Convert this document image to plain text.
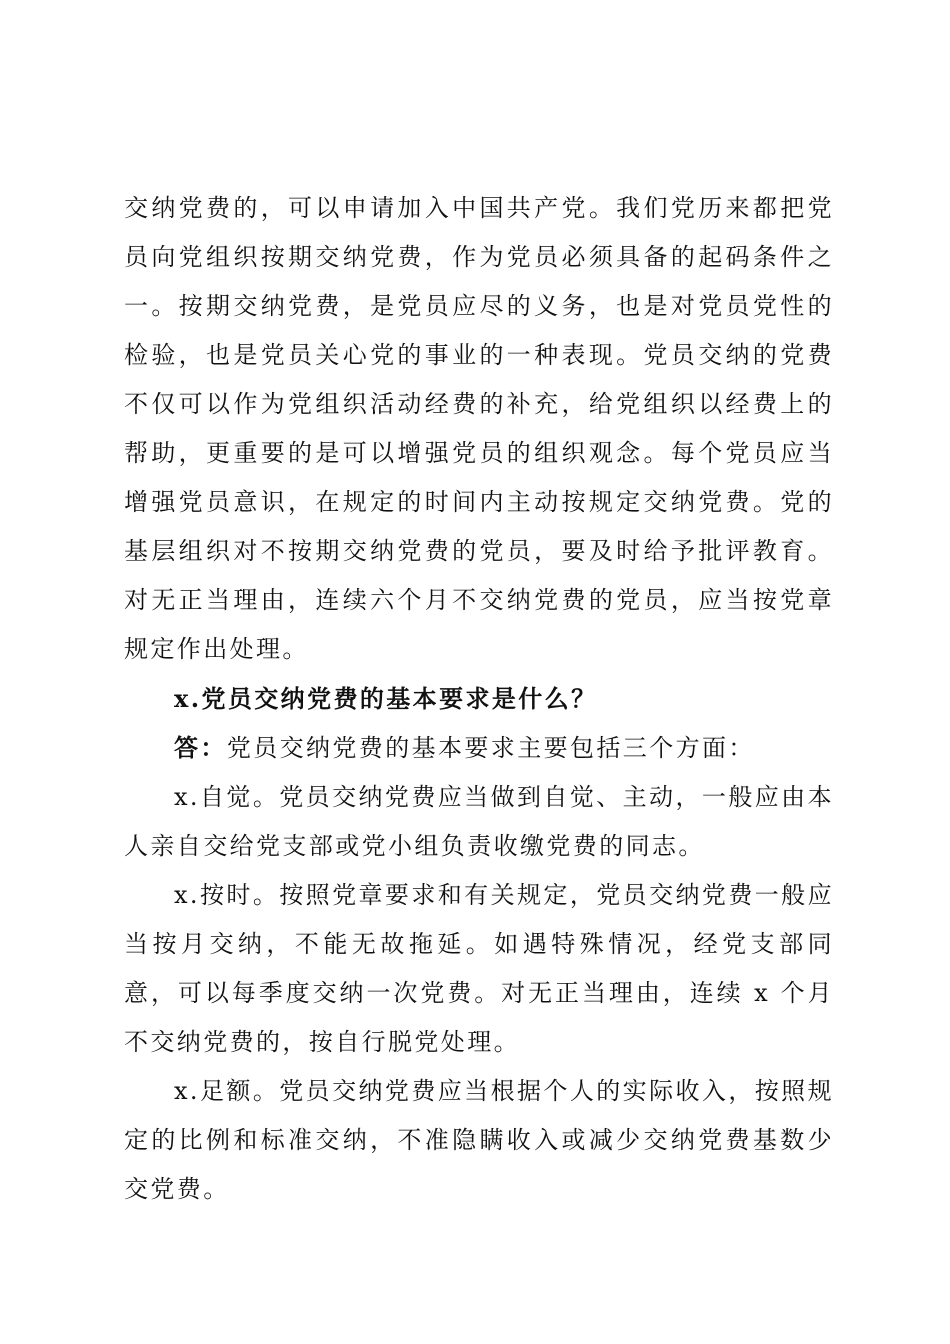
交纳党费的，可以申请加入中国共产党。我们党历来都把党员向党组织按期交纳党费，作为党员必须具备的起码条件之一。按期交纳党费，是党员应尽的义务，也是对党员党性的检验，也是党员关心党的事业的一种表现。党员交纳的党费不仅可以作为党组织活动经费的补充，给党组织以经费上的帮助，更重要的是可以增强党员的组织观念。每个党员应当增强党员意识，在规定的时间内主动按规定交纳党费。党的基层组织对不按期交纳党费的党员，要及时给予批评教育。对无正当理由，连续六个月不交纳党费的党员，应当按党章规定作出处理。

x.党员交纳党费的基本要求是什么？

答：党员交纳党费的基本要求主要包括三个方面：

x.自觉。党员交纳党费应当做到自觉、主动，一般应由本人亲自交给党支部或党小组负责收缴党费的同志。

x.按时。按照党章要求和有关规定，党员交纳党费一般应当按月交纳，不能无故拖延。如遇特殊情况，经党支部同意，可以每季度交纳一次党费。对无正当理由，连续 x 个月不交纳党费的，按自行脱党处理。

x.足额。党员交纳党费应当根据个人的实际收入，按照规定的比例和标准交纳，不准隐瞒收入或减少交纳党费基数少交党费。
